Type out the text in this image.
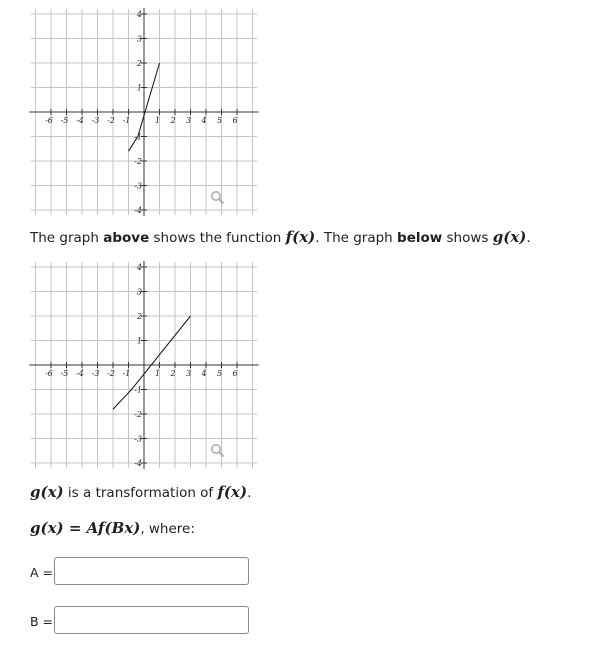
-6 -5 -4 -3 -2 -1	1 2 3 4 5 6
4
3
2
1
-1
-2
-3
-4
The graph above shows the function f(x). The graph below shows g(x).
-6 -5 -4 -3 -2 -1	1 2 3 4 5 6
4
3
2
1
-1
-2
-3
-4
g(x) is a transformation of f(x).
g(x) = Af(Bx), where:
A =
B =
